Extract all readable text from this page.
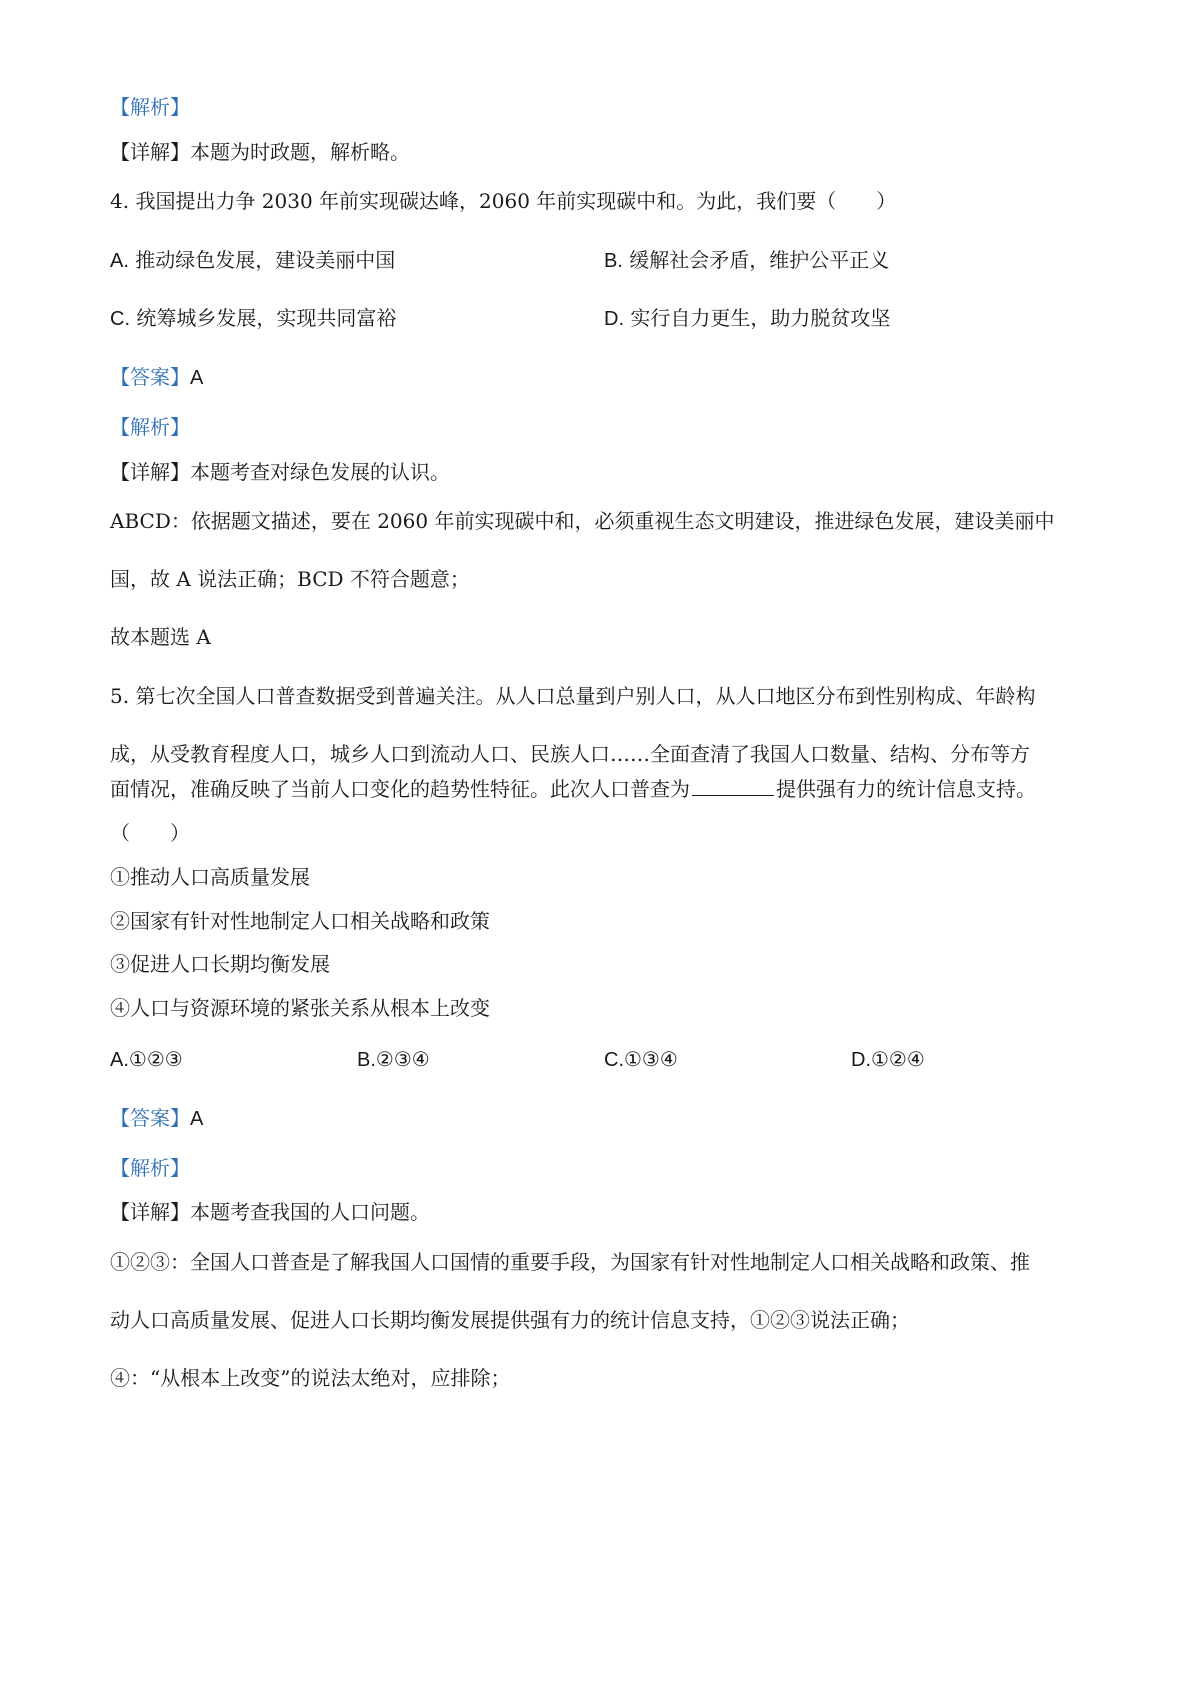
【解析】
【详解】本题为时政题，解析略。
4. 我国提出力争 2030 年前实现碳达峰，2060 年前实现碳中和。为此，我们要（　　）
A. 推动绿色发展，建设美丽中国	B. 缓解社会矛盾，维护公平正义
C. 统筹城乡发展，实现共同富裕	D. 实行自力更生，助力脱贫攻坚
【答案】A
【解析】
【详解】本题考查对绿色发展的认识。
ABCD：依据题文描述，要在 2060 年前实现碳中和，必须重视生态文明建设，推进绿色发展，建设美丽中
国，故 A 说法正确；BCD 不符合题意；
故本题选 A
5. 第七次全国人口普查数据受到普遍关注。从人口总量到户别人口，从人口地区分布到性别构成、年龄构
成，从受教育程度人口，城乡人口到流动人口、民族人口……全面查清了我国人口数量、结构、分布等方
面情况，准确反映了当前人口变化的趋势性特征。此次人口普查为	提供强有力的统计信息支持。
（　　）
①推动人口高质量发展
②国家有针对性地制定人口相关战略和政策
③促进人口长期均衡发展
④人口与资源环境的紧张关系从根本上改变
A.①②③	B.②③④	C.①③④	D.①②④
【答案】A
【解析】
【详解】本题考查我国的人口问题。
①②③：全国人口普查是了解我国人口国情的重要手段，为国家有针对性地制定人口相关战略和政策、推
动人口高质量发展、促进人口长期均衡发展提供强有力的统计信息支持，①②③说法正确；
④：“从根本上改变”的说法太绝对，应排除；
